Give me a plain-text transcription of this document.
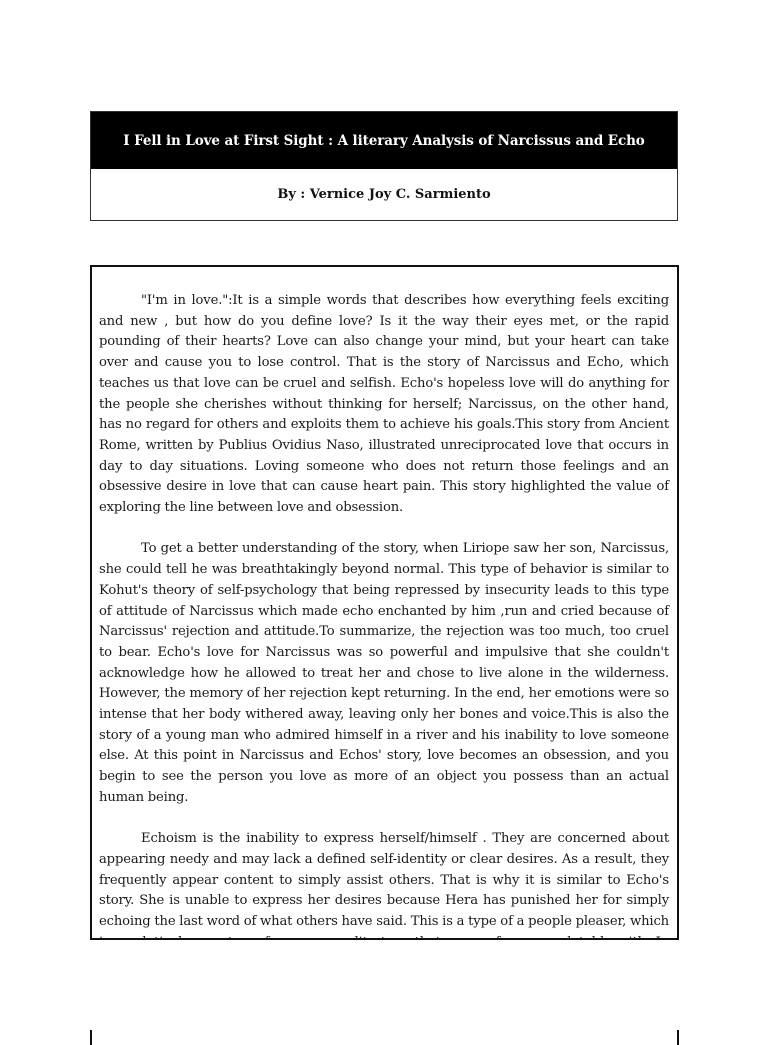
I Fell in Love at First Sight : A literary Analysis of Narcissus and Echo
By : Vernice Joy C. Sarmiento

"I'm in love.":It is a simple words that describes how everything feels exciting and new , but how do you define love? Is it the way their eyes met, or the rapid pounding of their hearts? Love can also change your mind, but your heart can take over and cause you to lose control. That is the story of Narcissus and Echo, which teaches us that love can be cruel and selfish. Echo's hopeless love will do anything for the people she cherishes without thinking for herself; Narcissus, on the other hand, has no regard for others and exploits them to achieve his goals.This story from Ancient Rome, written by Publius Ovidius Naso, illustrated unreciprocated love that occurs in day to day situations. Loving someone who does not return those feelings and an obsessive desire in love that can cause heart pain. This story highlighted the value of exploring the line between love and obsession.

To get a better understanding of the story, when Liriope saw her son, Narcissus, she could tell he was breathtakingly beyond normal. This type of behavior is similar to Kohut's theory of self-psychology that being repressed by insecurity leads to this type of attitude of Narcissus which made echo enchanted by him ,run and cried because of Narcissus' rejection and attitude.To summarize, the rejection was too much, too cruel to bear. Echo's love for Narcissus was so powerful and impulsive that she couldn't acknowledge how he allowed to treat her and chose to live alone in the wilderness. However, the memory of her rejection kept returning. In the end, her emotions were so intense that her body withered away, leaving only her bones and voice.This is also the story of a young man who admired himself in a river and his inability to love someone else. At this point in Narcissus and Echos' story, love becomes an obsession, and you begin to see the person you love as more of an object you possess than an actual human being.

Echoism is the inability to express herself/himself . They are concerned about appearing needy and may lack a defined self-identity or clear desires. As a result, they frequently appear content to simply assist others. That is why it is similar to Echo's story. She is unable to express her desires because Hera has punished her for simply echoing the last word of what others have said. This is a type of a people pleaser, which
